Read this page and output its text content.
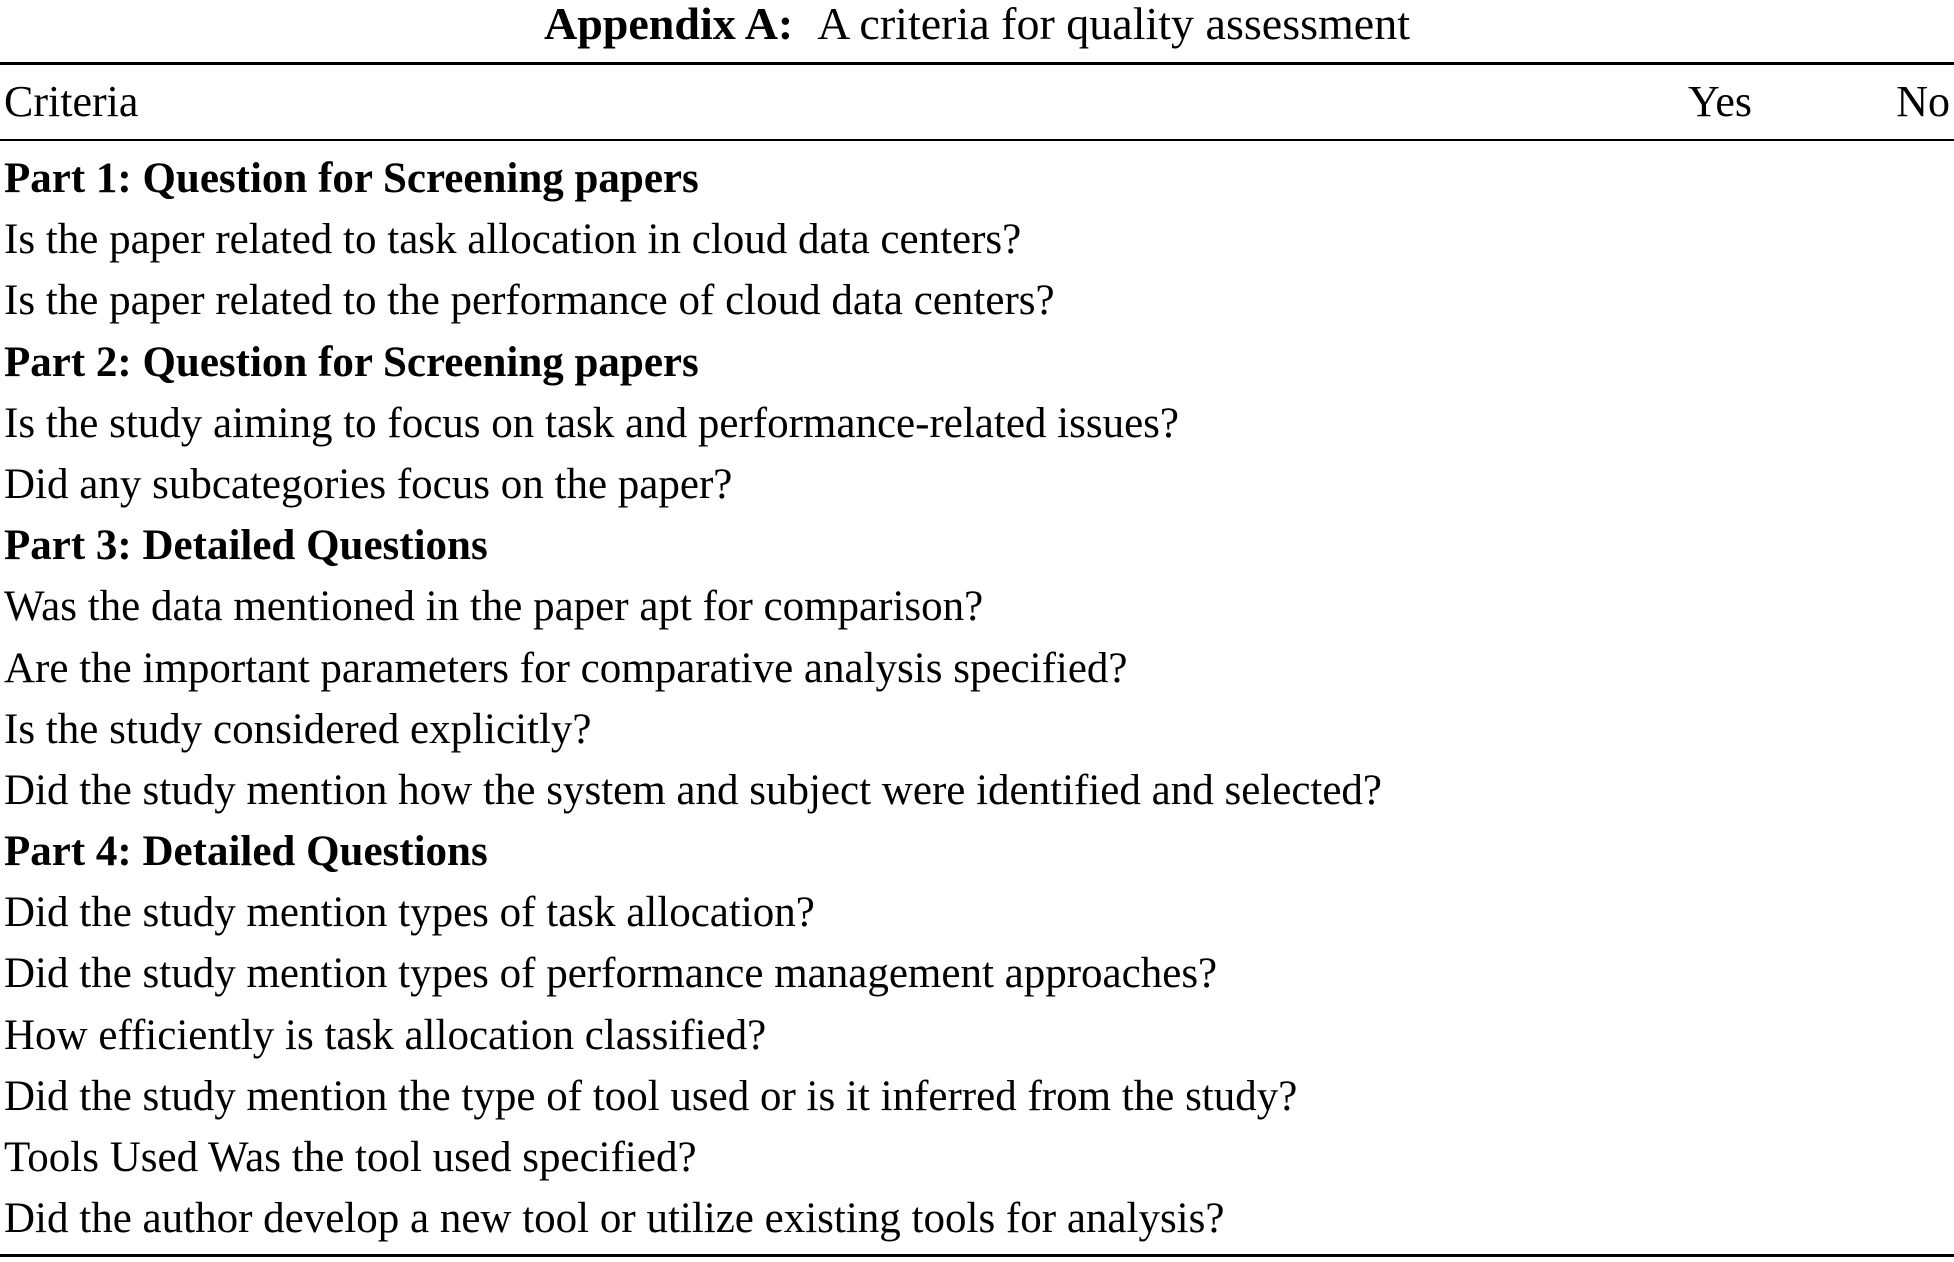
Appendix A: A criteria for quality assessment
Criteria	Yes	No
Part 1: Question for Screening papers
Is the paper related to task allocation in cloud data centers?
Is the paper related to the performance of cloud data centers?
Part 2: Question for Screening papers
Is the study aiming to focus on task and performance-related issues?
Did any subcategories focus on the paper?
Part 3: Detailed Questions
Was the data mentioned in the paper apt for comparison?
Are the important parameters for comparative analysis specified?
Is the study considered explicitly?
Did the study mention how the system and subject were identified and selected?
Part 4: Detailed Questions
Did the study mention types of task allocation?
Did the study mention types of performance management approaches?
How efficiently is task allocation classified?
Did the study mention the type of tool used or is it inferred from the study?
Tools Used Was the tool used specified?
Did the author develop a new tool or utilize existing tools for analysis?
